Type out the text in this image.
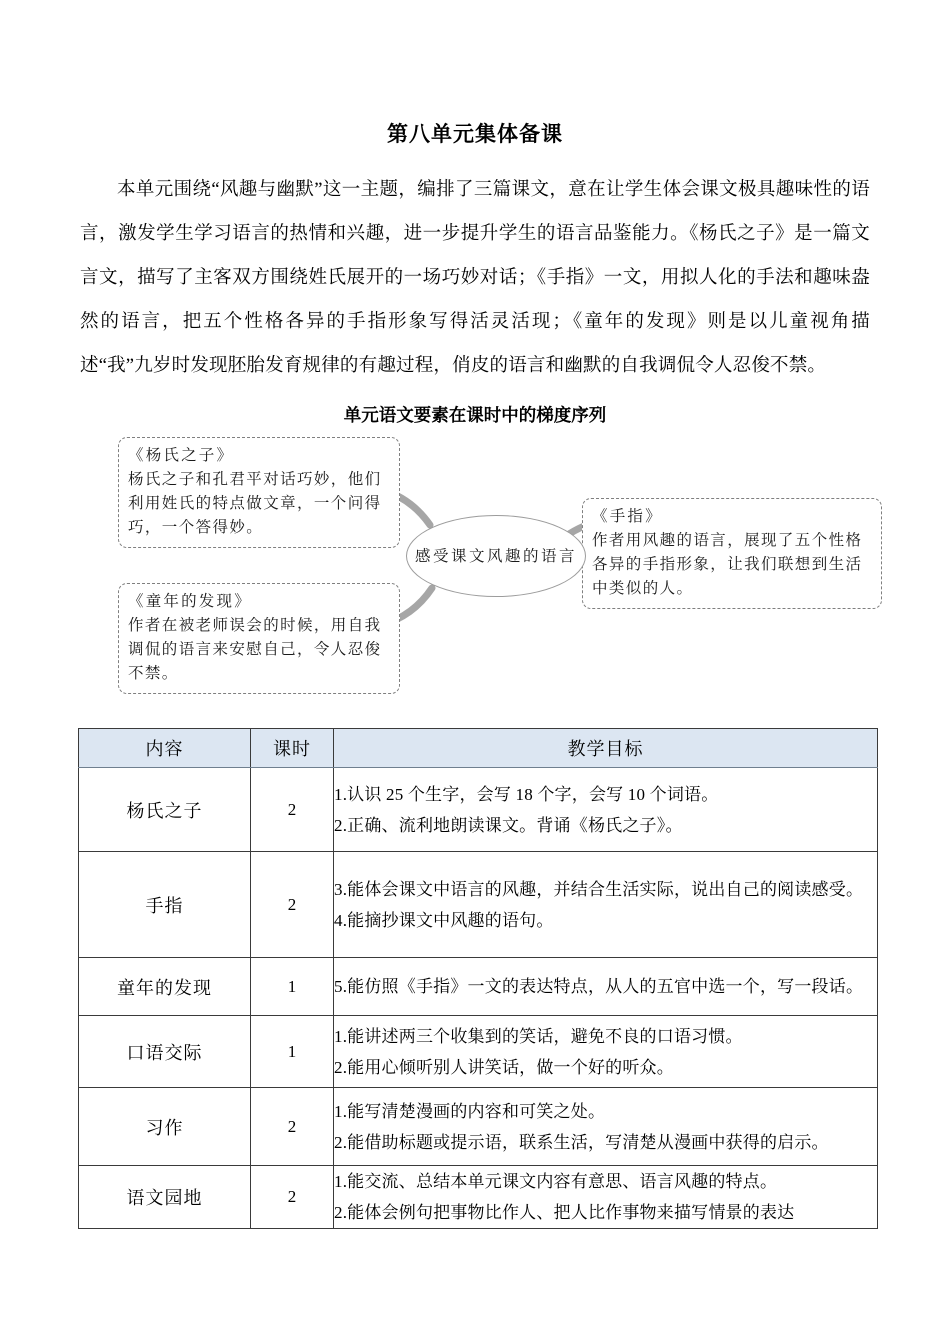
第八单元集体备课
本单元围绕“风趣与幽默”这一主题，编排了三篇课文，意在让学生体会课文极具趣味性的语言，激发学生学习语言的热情和兴趣，进一步提升学生的语言品鉴能力。《杨氏之子》是一篇文言文，描写了主客双方围绕姓氏展开的一场巧妙对话；《手指》一文，用拟人化的手法和趣味盎然的语言，把五个性格各异的手指形象写得活灵活现；《童年的发现》则是以儿童视角描述“我”九岁时发现胚胎发育规律的有趣过程，俏皮的语言和幽默的自我调侃令人忍俊不禁。
单元语文要素在课时中的梯度序列
《杨氏之子》
杨氏之子和孔君平对话巧妙，他们利用姓氏的特点做文章，一个问得巧，一个答得妙。
《手指》
作者用风趣的语言，展现了五个性格各异的手指形象，让我们联想到生活中类似的人。
《童年的发现》
作者在被老师误会的时候，用自我调侃的语言来安慰自己，令人忍俊不禁。
感受课文风趣的语言
内容	课时	教学目标
杨氏之子	2	1.认识 25 个生字，会写 18 个字，会写 10 个词语。
2.正确、流利地朗读课文。背诵《杨氏之子》。

手指	2	3.能体会课文中语言的风趣，并结合生活实际，说出自己的阅读感受。
4.能摘抄课文中风趣的语句。

童年的发现	1	5.能仿照《手指》一文的表达特点，从人的五官中选一个，写一段话。

口语交际	1	1.能讲述两三个收集到的笑话，避免不良的口语习惯。
2.能用心倾听别人讲笑话，做一个好的听众。

习作	2	1.能写清楚漫画的内容和可笑之处。
2.能借助标题或提示语，联系生活，写清楚从漫画中获得的启示。

语文园地	2	1.能交流、总结本单元课文内容有意思、语言风趣的特点。
2.能体会例句把事物比作人、把人比作事物来描写情景的表达
